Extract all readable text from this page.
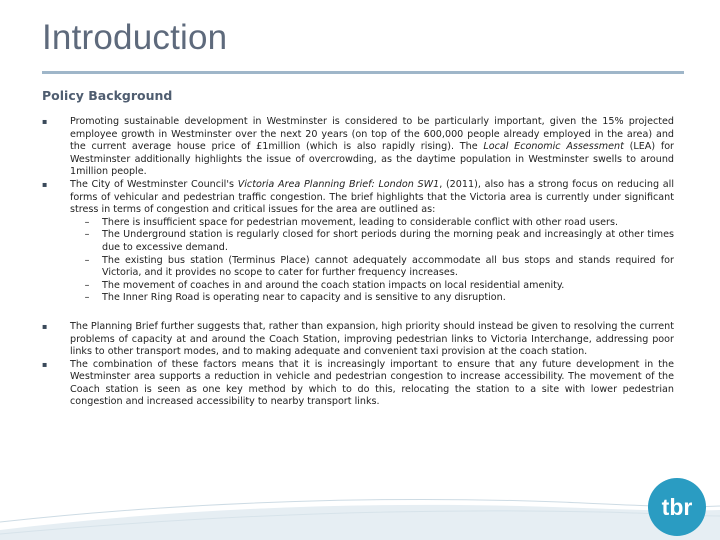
Introduction
Policy Background
▪	Promoting sustainable development in Westminster is considered to be particularly important, given the 15% projected employee growth in Westminster over the next 20 years (on top of the 600,000 people already employed in the area) and the current average house price of £1million (which is also rapidly rising). The Local Economic Assessment (LEA) for Westminster additionally highlights the issue of overcrowding, as the daytime population in Westminster swells to around 1million people.
▪	The City of Westminster Council's Victoria Area Planning Brief: London SW1, (2011), also has a strong focus on reducing all forms of vehicular and pedestrian traffic congestion. The brief highlights that the Victoria area is currently under significant stress in terms of congestion and critical issues for the area are outlined as:
–	There is insufficient space for pedestrian movement, leading to considerable conflict with other road users.
–	The Underground station is regularly closed for short periods during the morning peak and increasingly at other times due to excessive demand.
–	The existing bus station (Terminus Place) cannot adequately accommodate all bus stops and stands required for Victoria, and it provides no scope to cater for further frequency increases.
–	The movement of coaches in and around the coach station impacts on local residential amenity.
–	The Inner Ring Road is operating near to capacity and is sensitive to any disruption.
▪	The Planning Brief further suggests that, rather than expansion, high priority should instead be given to resolving the current problems of capacity at and around the Coach Station, improving pedestrian links to Victoria Interchange, addressing poor links to other transport modes, and to making adequate and convenient taxi provision at the coach station.
▪	The combination of these factors means that it is increasingly important to ensure that any future development in the Westminster area supports a reduction in vehicle and pedestrian congestion to increase accessibility. The movement of the Coach station is seen as one key method by which to do this, relocating the station to a site with lower pedestrian congestion and increased accessibility to nearby transport links.
tbr
